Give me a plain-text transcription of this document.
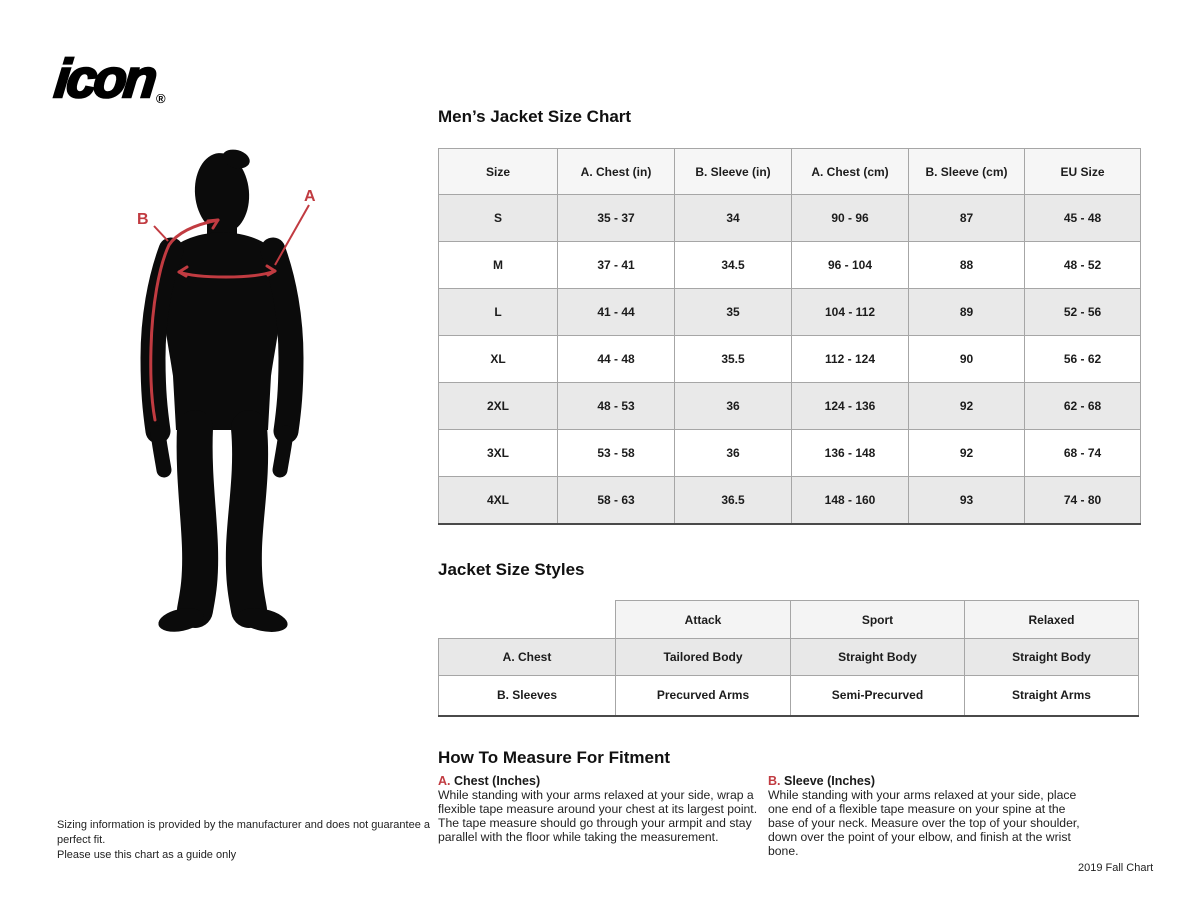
icon®
B
A
Men’s Jacket Size Chart
Size	A. Chest (in)	B. Sleeve (in)	A. Chest (cm)	B. Sleeve (cm)	EU Size
S	35 - 37	34	90 - 96	87	45 - 48
M	37 - 41	34.5	96 - 104	88	48 - 52
L	41 - 44	35	104 - 112	89	52 - 56
XL	44 - 48	35.5	112 - 124	90	56 - 62
2XL	48 - 53	36	124 - 136	92	62 - 68
3XL	53 - 58	36	136 - 148	92	68 - 74
4XL	58 - 63	36.5	148 - 160	93	74 - 80
Jacket Size Styles
	Attack	Sport	Relaxed
A. Chest	Tailored Body	Straight Body	Straight Body
B. Sleeves	Precurved Arms	Semi-Precurved	Straight Arms
How To Measure For Fitment
A. Chest (Inches)
While standing with your arms relaxed at your side, wrap a flexible tape measure around your chest at its largest point. The tape measure should go through your armpit and stay parallel with the floor while taking the measurement.
B. Sleeve (Inches)
While standing with your arms relaxed at your side, place one end of a flexible tape measure on your spine at the base of your neck. Measure over the top of your shoulder, down over the point of your elbow, and finish at the wrist bone.
Sizing information is provided by the manufacturer and does not guarantee a perfect fit.
Please use this chart as a guide only
2019 Fall Chart
